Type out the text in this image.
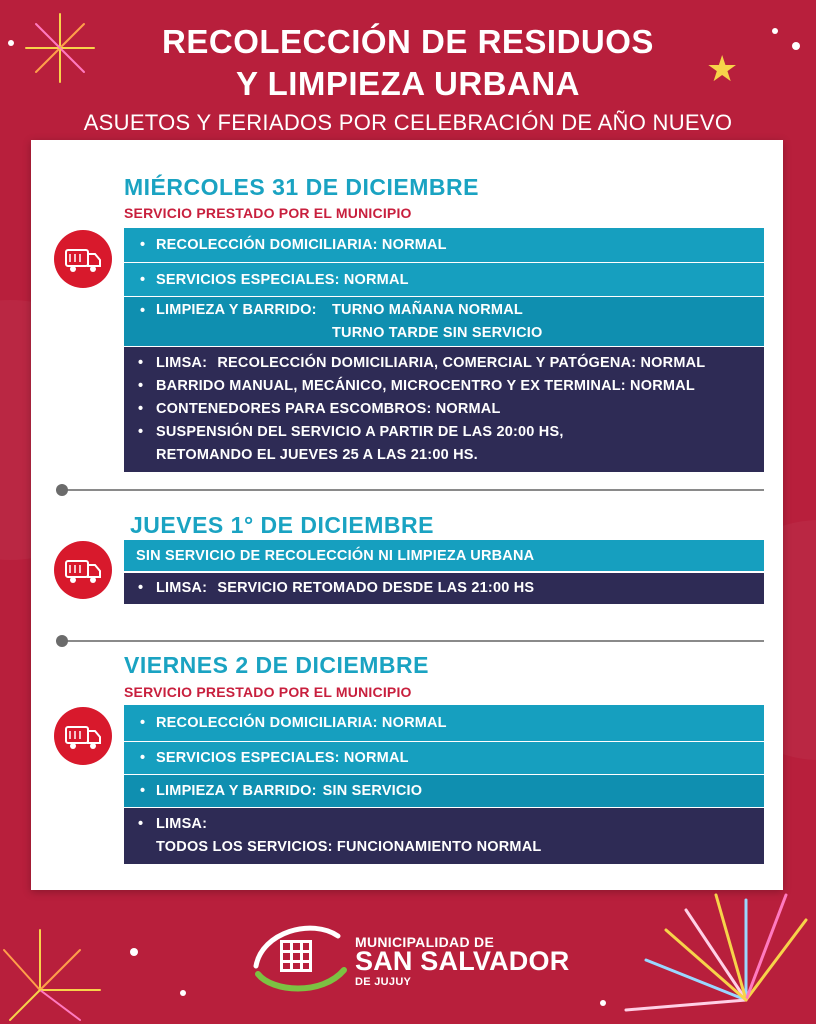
★
RECOLECCIÓN DE RESIDUOS
Y LIMPIEZA URBANA
ASUETOS Y FERIADOS POR CELEBRACIÓN DE AÑO NUEVO
MIÉRCOLES 31 DE DICIEMBRE
SERVICIO PRESTADO POR EL MUNICIPIO
• RECOLECCIÓN DOMICILIARIA: NORMAL
• SERVICIOS ESPECIALES: NORMAL
• LIMPIEZA Y BARRIDO:	TURNO MAÑANA NORMAL
TURNO TARDE SIN SERVICIO
• LIMSA: RECOLECCIÓN DOMICILIARIA, COMERCIAL Y PATÓGENA: NORMAL
• BARRIDO MANUAL, MECÁNICO, MICROCENTRO Y EX TERMINAL: NORMAL
• CONTENEDORES PARA ESCOMBROS: NORMAL
• SUSPENSIÓN DEL SERVICIO A PARTIR DE LAS 20:00 HS,
RETOMANDO EL JUEVES 25 A LAS 21:00 HS.
JUEVES 1° DE DICIEMBRE
SIN SERVICIO DE RECOLECCIÓN NI LIMPIEZA URBANA
• LIMSA: SERVICIO RETOMADO DESDE LAS 21:00 HS
VIERNES 2 DE DICIEMBRE
SERVICIO PRESTADO POR EL MUNICIPIO
• RECOLECCIÓN DOMICILIARIA: NORMAL
• SERVICIOS ESPECIALES: NORMAL
• LIMPIEZA Y BARRIDO: SIN SERVICIO
• LIMSA:
TODOS LOS SERVICIOS: FUNCIONAMIENTO NORMAL
MUNICIPALIDAD DE
SAN SALVADOR
DE JUJUY
